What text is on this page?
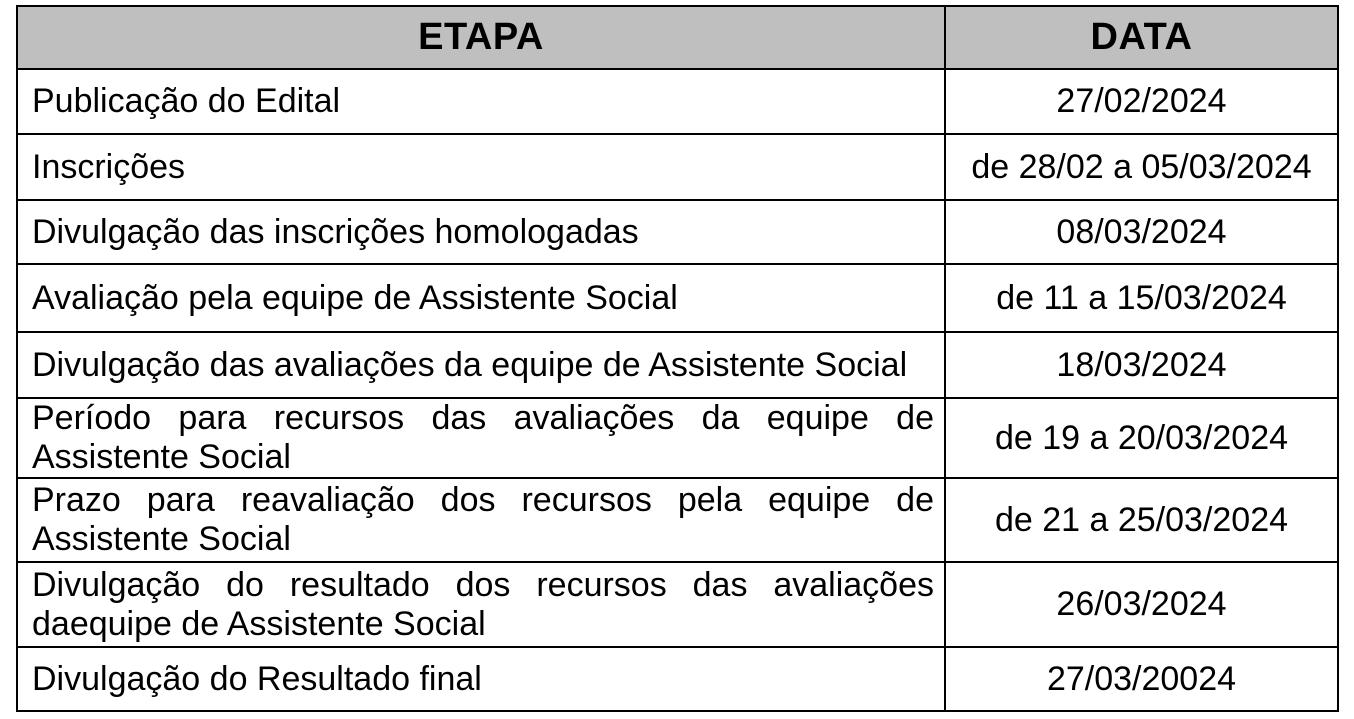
ETAPA	DATA
Publicação do Edital	27/02/2024
Inscrições	de 28/02 a 05/03/2024
Divulgação das inscrições homologadas	08/03/2024
Avaliação pela equipe de Assistente Social	de 11 a 15/03/2024
Divulgação das avaliações da equipe de Assistente Social	18/03/2024
Período para recursos das avaliações da equipe de Assistente Social	de 19 a 20/03/2024
Prazo para reavaliação dos recursos pela equipe de Assistente Social	de 21 a 25/03/2024
Divulgação do resultado dos recursos das avaliações daequipe de Assistente Social	26/03/2024
Divulgação do Resultado final	27/03/20024
